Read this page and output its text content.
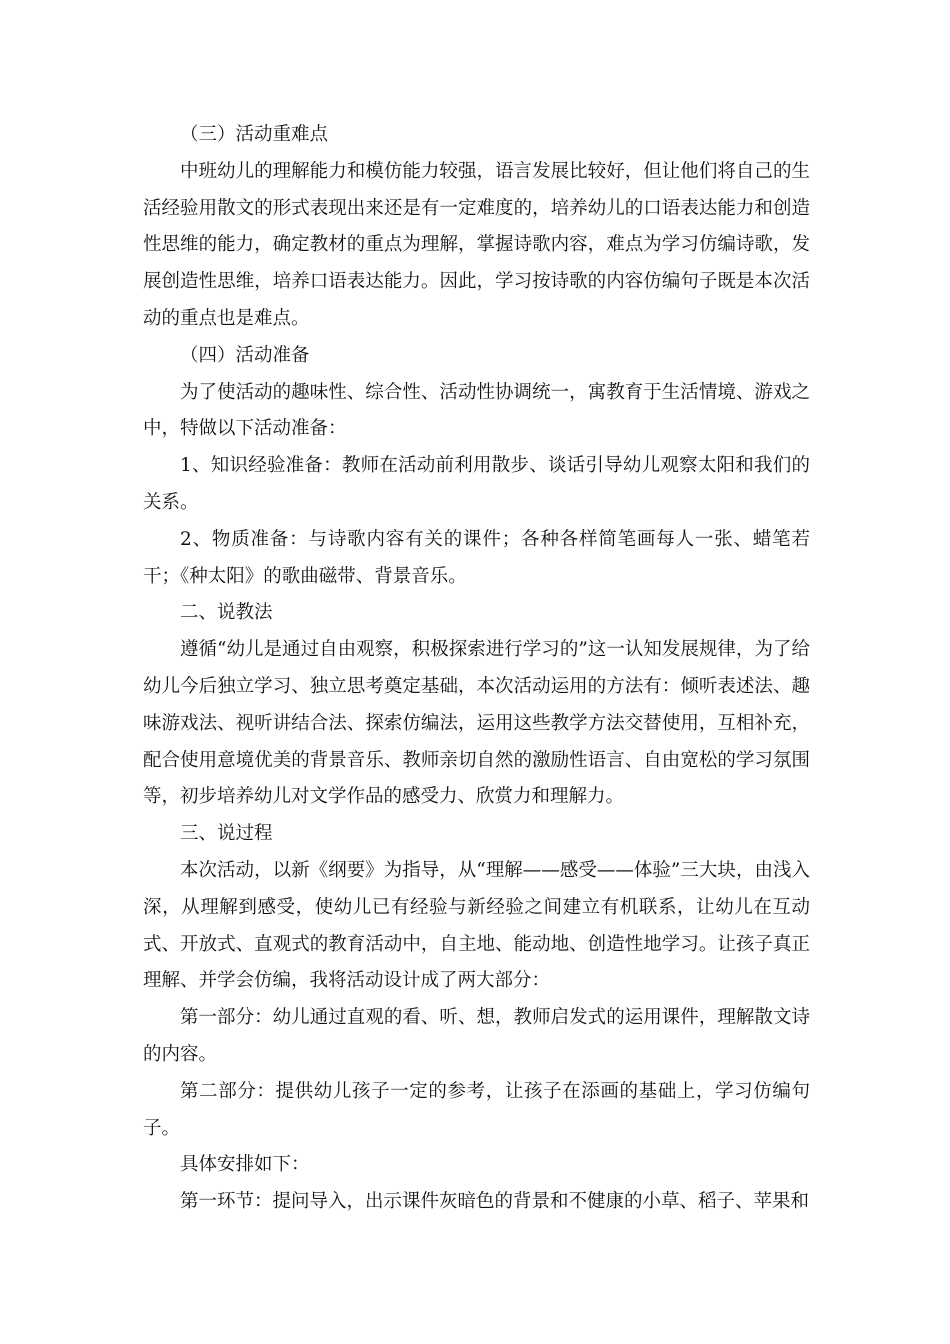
（三）活动重难点

中班幼儿的理解能力和模仿能力较强，语言发展比较好，但让他们将自己的生活经验用散文的形式表现出来还是有一定难度的，培养幼儿的口语表达能力和创造性思维的能力，确定教材的重点为理解，掌握诗歌内容，难点为学习仿编诗歌，发展创造性思维，培养口语表达能力。因此，学习按诗歌的内容仿编句子既是本次活动的重点也是难点。

（四）活动准备

为了使活动的趣味性、综合性、活动性协调统一，寓教育于生活情境、游戏之中，特做以下活动准备：

1、知识经验准备：教师在活动前利用散步、谈话引导幼儿观察太阳和我们的关系。

2、物质准备：与诗歌内容有关的课件；各种各样简笔画每人一张、蜡笔若干；《种太阳》的歌曲磁带、背景音乐。

二、说教法

遵循“幼儿是通过自由观察，积极探索进行学习的”这一认知发展规律，为了给幼儿今后独立学习、独立思考奠定基础，本次活动运用的方法有：倾听表述法、趣味游戏法、视听讲结合法、探索仿编法，运用这些教学方法交替使用，互相补充，配合使用意境优美的背景音乐、教师亲切自然的激励性语言、自由宽松的学习氛围等，初步培养幼儿对文学作品的感受力、欣赏力和理解力。

三、说过程

本次活动，以新《纲要》为指导，从“理解——感受——体验”三大块，由浅入深，从理解到感受，使幼儿已有经验与新经验之间建立有机联系，让幼儿在互动式、开放式、直观式的教育活动中，自主地、能动地、创造性地学习。让孩子真正理解、并学会仿编，我将活动设计成了两大部分：

第一部分：幼儿通过直观的看、听、想，教师启发式的运用课件，理解散文诗的内容。

第二部分：提供幼儿孩子一定的参考，让孩子在添画的基础上，学习仿编句子。

具体安排如下：

第一环节：提问导入，出示课件灰暗色的背景和不健康的小草、稻子、苹果和
